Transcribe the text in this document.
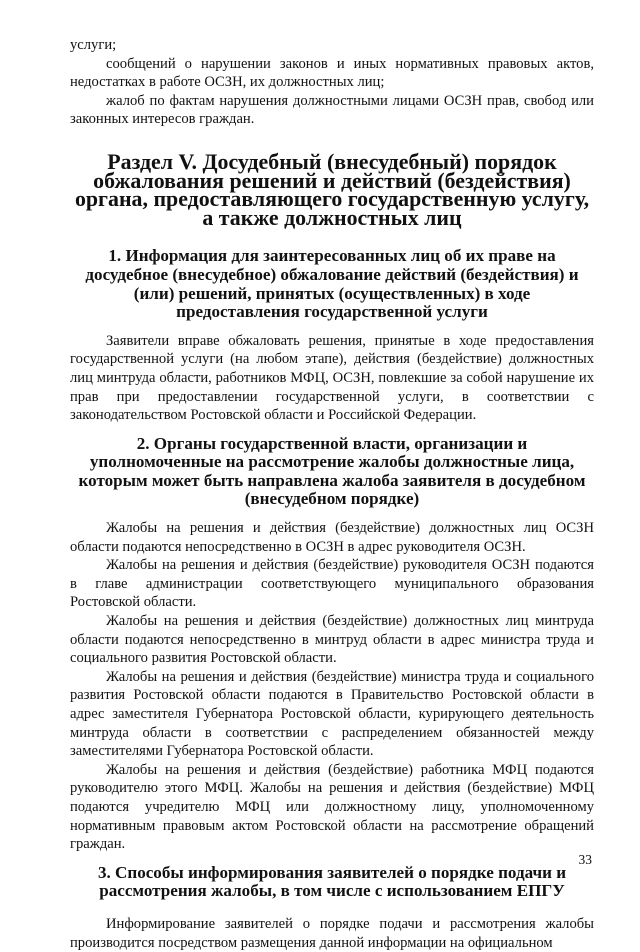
услуги;

сообщений о нарушении законов и иных нормативных правовых актов, недостатках в работе ОСЗН, их должностных лиц;

жалоб по фактам нарушения должностными лицами ОСЗН прав, свобод или законных интересов граждан.

Раздел V. Досудебный (внесудебный) порядок обжалования решений и действий (бездействия) органа, предоставляющего государственную услугу, а также должностных лиц
1. Информация для заинтересованных лиц об их праве на досудебное (внесудебное) обжалование действий (бездействия) и (или) решений, принятых (осуществленных) в ходе предоставления государственной услуги

Заявители вправе обжаловать решения, принятые в ходе предоставления государственной услуги (на любом этапе), действия (бездействие) должностных лиц минтруда области, работников МФЦ, ОСЗН, повлекшие за собой нарушение их прав при предоставлении государственной услуги, в соответствии с законодательством Ростовской области и Российской Федерации.

2. Органы государственной власти, организации и уполномоченные на рассмотрение жалобы должностные лица, которым может быть направлена жалоба заявителя в досудебном (внесудебном порядке)

Жалобы на решения и действия (бездействие) должностных лиц ОСЗН области подаются непосредственно в ОСЗН в адрес руководителя ОСЗН.

Жалобы на решения и действия (бездействие) руководителя ОСЗН подаются в главе администрации соответствующего муниципального образования Ростовской области.

Жалобы на решения и действия (бездействие) должностных лиц минтруда области подаются непосредственно в минтруд области в адрес министра труда и социального развития Ростовской области.

Жалобы на решения и действия (бездействие) министра труда и социального развития Ростовской области подаются в Правительство Ростовской области в адрес заместителя Губернатора Ростовской области, курирующего деятельность минтруда области в соответствии с распределением обязанностей между заместителями Губернатора Ростовской области.

Жалобы на решения и действия (бездействие) работника МФЦ подаются руководителю этого МФЦ. Жалобы на решения и действия (бездействие) МФЦ подаются учредителю МФЦ или должностному лицу, уполномоченному нормативным правовым актом Ростовской области на рассмотрение обращений граждан.

3. Способы информирования заявителей о порядке подачи и рассмотрения жалобы, в том числе с использованием ЕПГУ

Информирование заявителей о порядке подачи и рассмотрения жалобы производится посредством размещения данной информации на официальном

33
